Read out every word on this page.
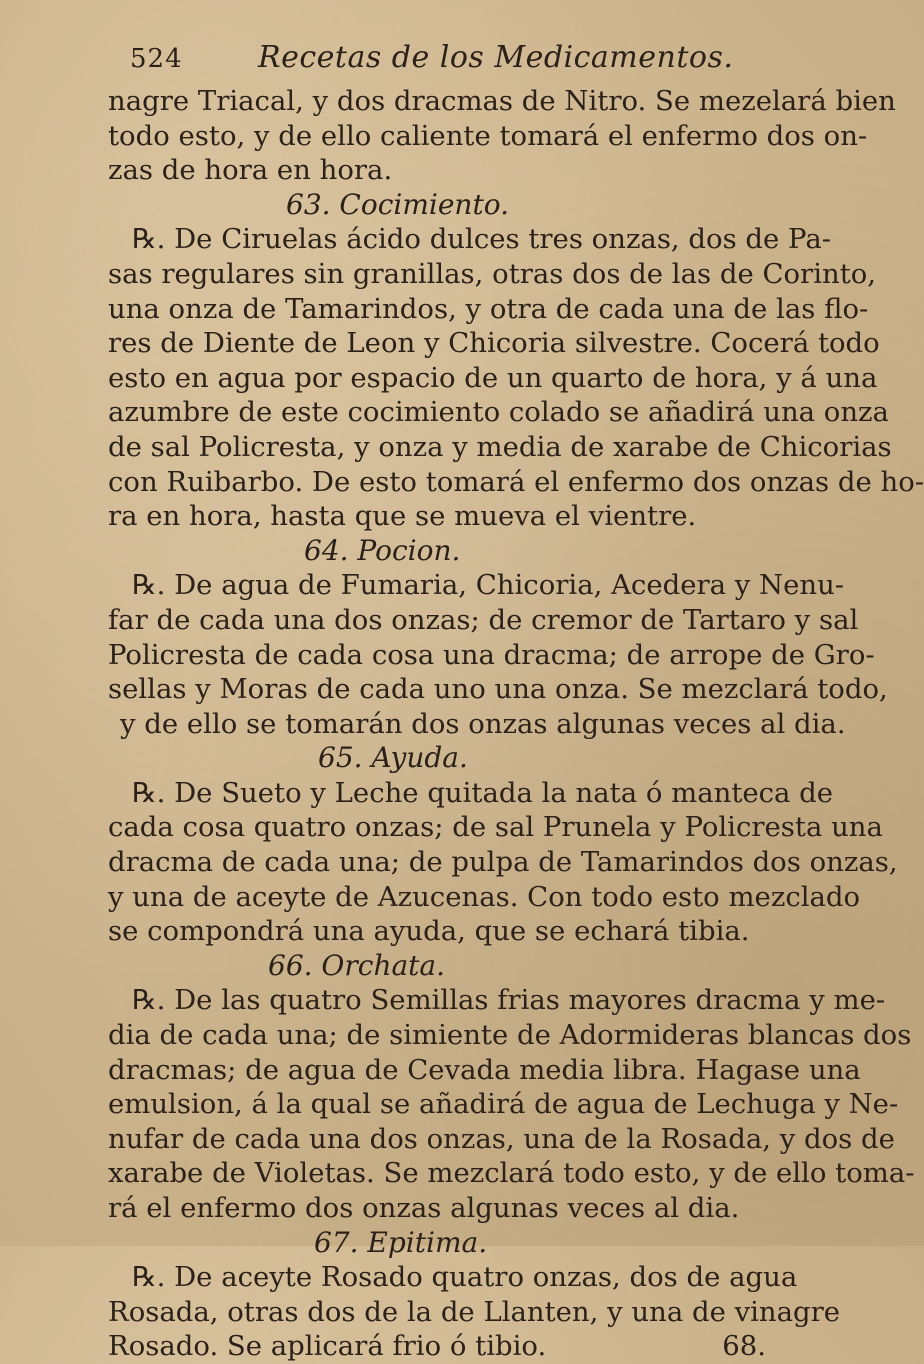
524	Recetas de los Medicamentos.
nagre Triacal, y dos dracmas de Nitro. Se mezelará bien
todo esto, y de ello caliente tomará el enfermo dos on-
zas de hora en hora.

63. Cocimiento.

℞. De Ciruelas ácido dulces tres onzas, dos de Pa-
sas regulares sin granillas, otras dos de las de Corinto,
una onza de Tamarindos, y otra de cada una de las flo-
res de Diente de Leon y Chicoria silvestre. Cocerá todo
esto en agua por espacio de un quarto de hora, y á una
azumbre de este cocimiento colado se añadirá una onza
de sal Policresta, y onza y media de xarabe de Chicorias
con Ruibarbo. De esto tomará el enfermo dos onzas de ho-
ra en hora, hasta que se mueva el vientre.

64. Pocion.

℞. De agua de Fumaria, Chicoria, Acedera y Nenu-
far de cada una dos onzas; de cremor de Tartaro y sal
Policresta de cada cosa una dracma; de arrope de Gro-
sellas y Moras de cada uno una onza. Se mezclará todo,
y de ello se tomarán dos onzas algunas veces al dia.

65. Ayuda.

℞. De Sueto y Leche quitada la nata ó manteca de
cada cosa quatro onzas; de sal Prunela y Policresta una
dracma de cada una; de pulpa de Tamarindos dos onzas,
y una de aceyte de Azucenas. Con todo esto mezclado
se compondrá una ayuda, que se echará tibia.

66. Orchata.

℞. De las quatro Semillas frias mayores dracma y me-
dia de cada una; de simiente de Adormideras blancas dos
dracmas; de agua de Cevada media libra. Hagase una
emulsion, á la qual se añadirá de agua de Lechuga y Ne-
nufar de cada una dos onzas, una de la Rosada, y dos de
xarabe de Violetas. Se mezclará todo esto, y de ello toma-
rá el enfermo dos onzas algunas veces al dia.

67. Epitima.

℞. De aceyte Rosado quatro onzas, dos de agua
Rosada, otras dos de la de Llanten, y una de vinagre
Rosado. Se aplicará frio ó tibio.	68.
